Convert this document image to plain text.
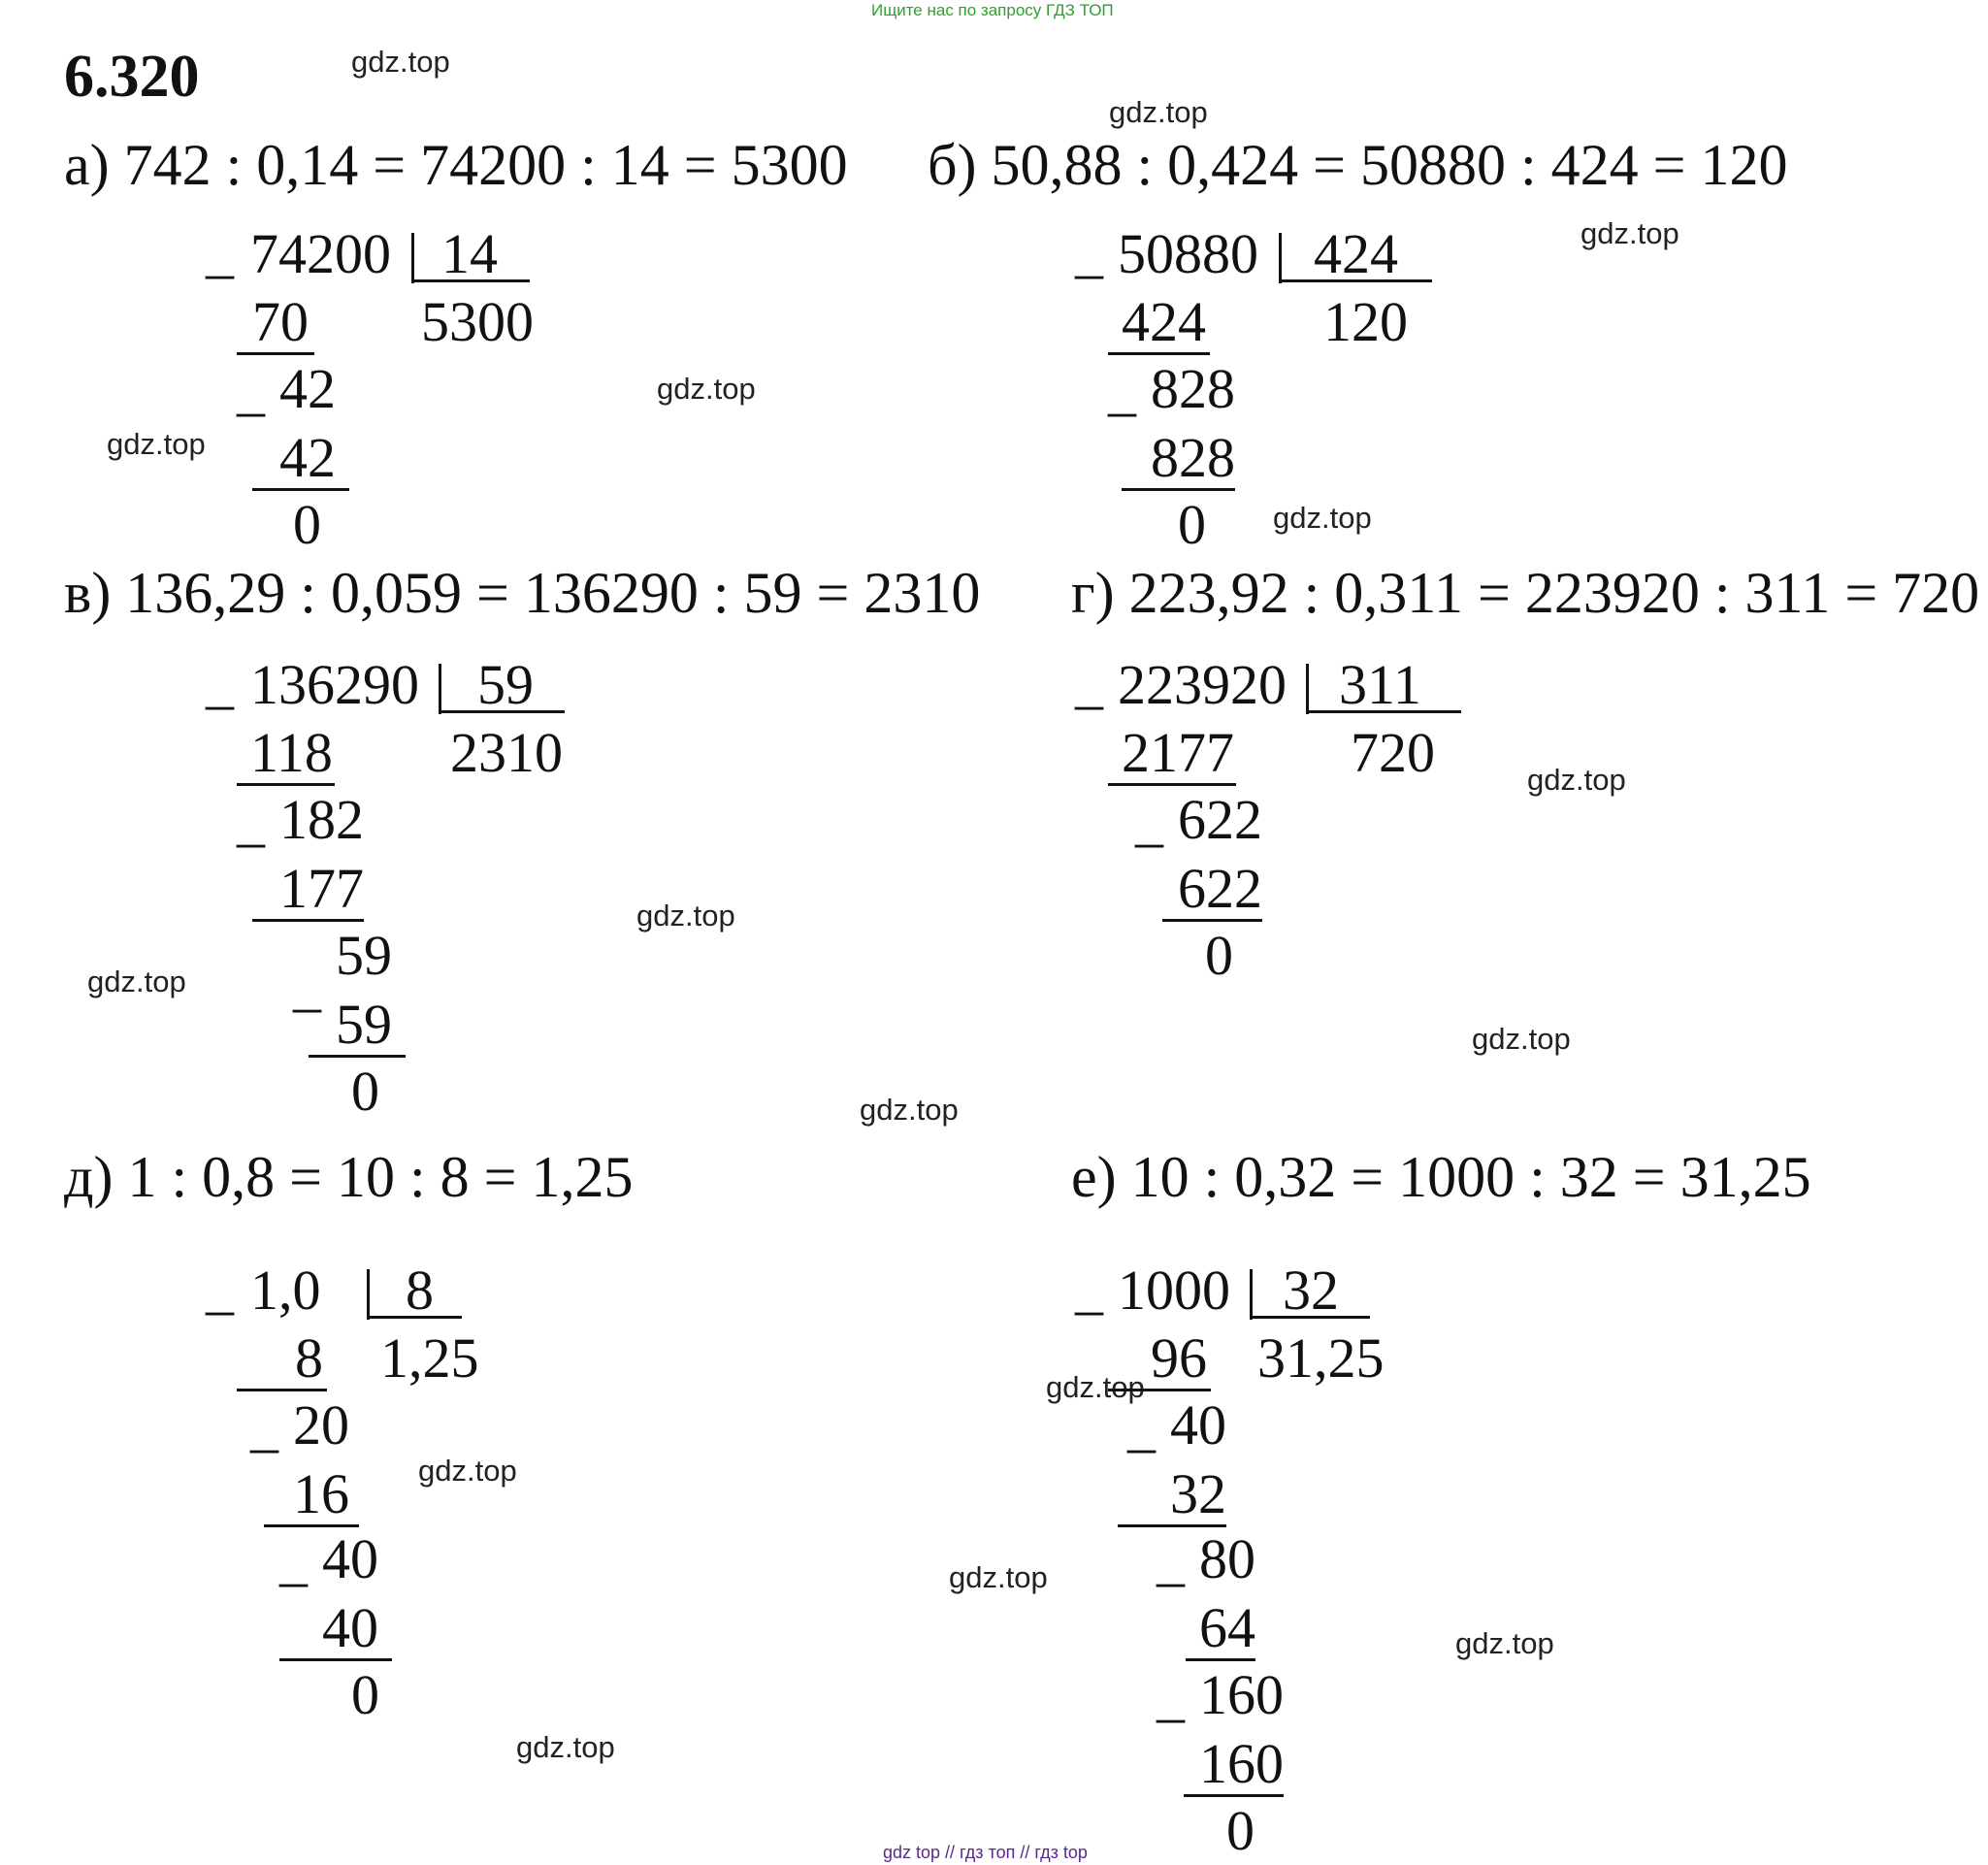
Ищите нас по запросу ГДЗ ТОП
6.320	gdz.top
gdz.top
gdz.top
gdz.top
gdz.top
gdz.top
gdz.top
gdz.top
gdz.top
gdz.top
gdz.top
gdz.top
gdz.top
gdz.top
gdz.top
gdz.top
а) 742 : 0,14 = 74200 : 14 = 5300 б) 50,88 : 0,424 = 50880 : 424 = 120
в) 136,29 : 0,059 = 136290 : 59 = 2310 г) 223,92 : 0,311 = 223920 : 311 = 720
д) 1 : 0,8 = 10 : 8 = 1,25	е) 10 : 0,32 = 1000 : 32 = 31,25
_ 74200 14
5300
70
_ 42
42
0
_ 50880 424
120
424
_ 828
828
0
_ 136290 59
2310
118
_ 182
177
_ 59
59
0
_ 223920 311
720
2177
_ 622
622
0
_ 1,0 8
1,25
8
_ 20
16
_ 40
40
0
_ 1000 32
31,25
96
_ 40
32
_ 80
64
_ 160
160
0
gdz top // гдз топ // гдз top
